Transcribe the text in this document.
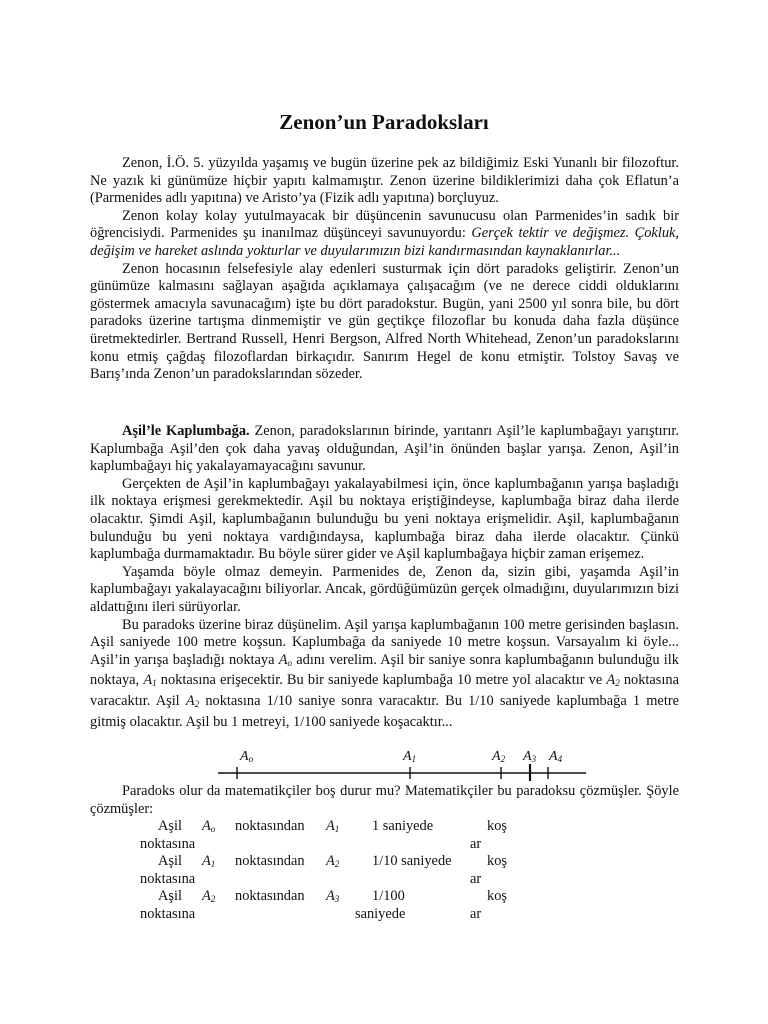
Zenon’un Paradoksları

Zenon, İ.Ö. 5. yüzyılda yaşamış ve bugün üzerine pek az bildiğimiz Eski Yunanlı bir filozoftur. Ne yazık ki günümüze hiçbir yapıtı kalmamıştır. Zenon üzerine bildiklerimizi daha çok Eflatun’a (Parmenides adlı yapıtına) ve Aristo’ya (Fizik adlı yapıtına) borçluyuz.

Zenon kolay kolay yutulmayacak bir düşüncenin savunucusu olan Parmenides’in sadık bir öğrencisiydi. Parmenides şu inanılmaz düşünceyi savunuyordu: Gerçek tektir ve değişmez. Çokluk, değişim ve hareket aslında yokturlar ve duyularımızın bizi kandırmasından kaynaklanırlar...

Zenon hocasının felsefesiyle alay edenleri susturmak için dört paradoks geliştirir. Zenon’un günümüze kalmasını sağlayan aşağıda açıklamaya çalışacağım (ve ne derece ciddi olduklarını göstermek amacıyla savunacağım) işte bu dört paradokstur. Bugün, yani 2500 yıl sonra bile, bu dört paradoks üzerine tartışma dinmemiştir ve gün geçtikçe filozoflar bu konuda daha fazla düşünce üretmektedirler. Bertrand Russell, Henri Bergson, Alfred North Whitehead, Zenon’un paradokslarını konu etmiş çağdaş filozoflardan birkaçıdır. Sanırım Hegel de konu etmiştir. Tolstoy Savaş ve Barış’ında Zenon’un paradokslarından sözeder.

Aşil’le Kaplumbağa. Zenon, paradokslarının birinde, yarıtanrı Aşil’le kaplumbağayı yarıştırır. Kaplumbağa Aşil’den çok daha yavaş olduğundan, Aşil’in önünden başlar yarışa. Zenon, Aşil’in kaplumbağayı hiç yakalayamayacağını savunur.

Gerçekten de Aşil’in kaplumbağayı yakalayabilmesi için, önce kaplumbağanın yarışa başladığı ilk noktaya erişmesi gerekmektedir. Aşil bu noktaya eriştiğindeyse, kaplumbağa biraz daha ilerde olacaktır. Şimdi Aşil, kaplumbağanın bulunduğu bu yeni noktaya erişmelidir. Aşil, kaplumbağanın bulunduğu bu yeni noktaya vardığındaysa, kaplumbağa biraz daha ilerde olacaktır. Çünkü kaplumbağa durmamaktadır. Bu böyle sürer gider ve Aşil kaplumbağaya hiçbir zaman erişemez.

Yaşamda böyle olmaz demeyin. Parmenides de, Zenon da, sizin gibi, yaşamda Aşil’in kaplumbağayı yakalayacağını biliyorlar. Ancak, gördüğümüzün gerçek olmadığını, duyularımızın bizi aldattığını ileri sürüyorlar.

Bu paradoks üzerine biraz düşünelim. Aşil yarışa kaplumbağanın 100 metre gerisinden başlasın. Aşil saniyede 100 metre koşsun. Kaplumbağa da saniyede 10 metre koşsun. Varsayalım ki öyle... Aşil’in yarışa başladığı noktaya $A_o$ adını verelim. Aşil bir saniye sonra kaplumbağanın bulunduğu ilk noktaya, $A_1$ noktasına erişecektir. Bu bir saniyede kaplumbağa 10 metre yol alacaktır ve $A_2$ noktasına varacaktır. Aşil $A_2$ noktasına 1/10 saniye sonra varacaktır. Bu 1/10 saniyede kaplumbağa 1 metre gitmiş olacaktır. Aşil bu 1 metreyi, 1/100 saniyede koşacaktır...

Ao	A1	A2 A3 A4

Paradoks olur da matematikçiler boş durur mu? Matematikçiler bu paradoksu çözmüşler. Şöyle çözmüşler:

Aşil $A_o$ noktasından $A_1$ 1 saniyede	koş
noktasına	ar
Aşil $A_1$ noktasından $A_2$ 1/10 saniyede koş
noktasına	ar
Aşil $A_2$ noktasından $A_3$ 1/100	koş
noktasına	saniyede	ar
